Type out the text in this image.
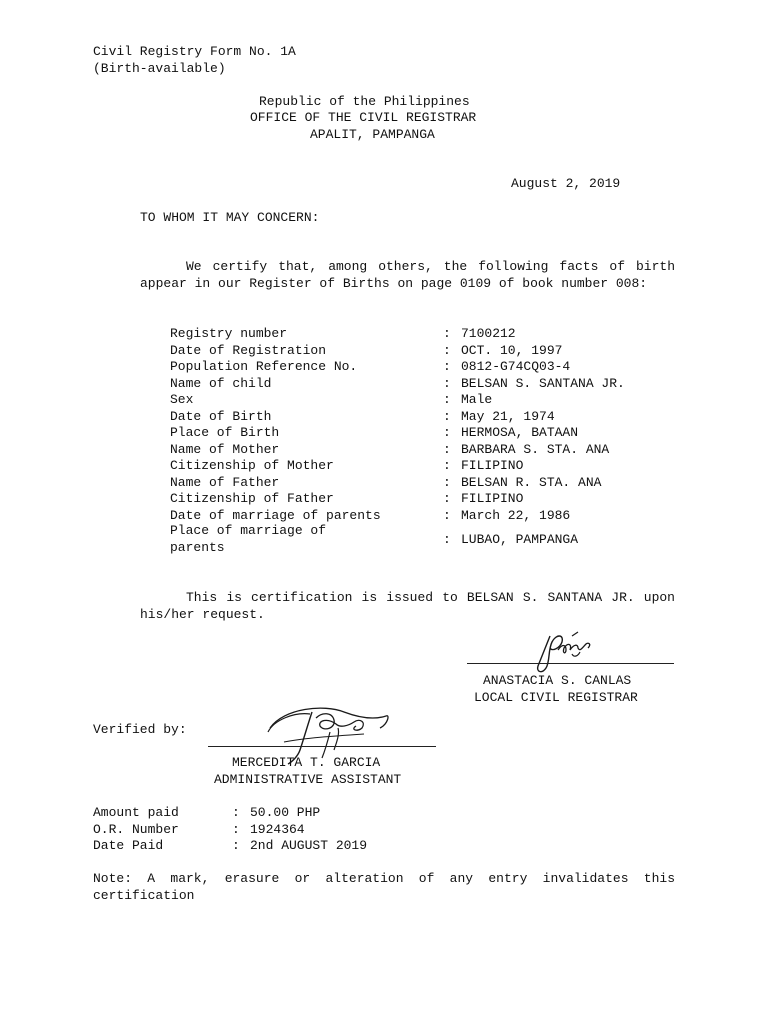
Civil Registry Form No. 1A
(Birth-available)
Republic of the Philippines
OFFICE OF THE CIVIL REGISTRAR
APALIT, PAMPANGA
August 2, 2019
TO WHOM IT MAY CONCERN:
We certify that, among others, the following facts of birth appear in our Register of Births on page 0109 of book number 008:
Registry number	: 7100212
Date of Registration	: OCT. 10, 1997
Population Reference No.	: 0812-G74CQ03-4
Name of child	: BELSAN S. SANTANA JR.
Sex	: Male
Date of Birth	: May 21, 1974
Place of Birth	: HERMOSA, BATAAN
Name of Mother	: BARBARA S. STA. ANA
Citizenship of Mother	: FILIPINO
Name of Father	: BELSAN R. STA. ANA
Citizenship of Father	: FILIPINO
Date of marriage of parents	: March 22, 1986
Place of marriage of
parents
: LUBAO, PAMPANGA
This is certification is issued to BELSAN S. SANTANA JR. upon his/her request.
ANASTACIA S. CANLAS
LOCAL CIVIL REGISTRAR
Verified by:
MERCEDITA T. GARCIA
ADMINISTRATIVE ASSISTANT
Amount paid	: 50.00 PHP
O.R. Number	: 1924364
Date Paid	: 2nd AUGUST 2019
Note: A mark, erasure or alteration of any entry invalidates this certification
